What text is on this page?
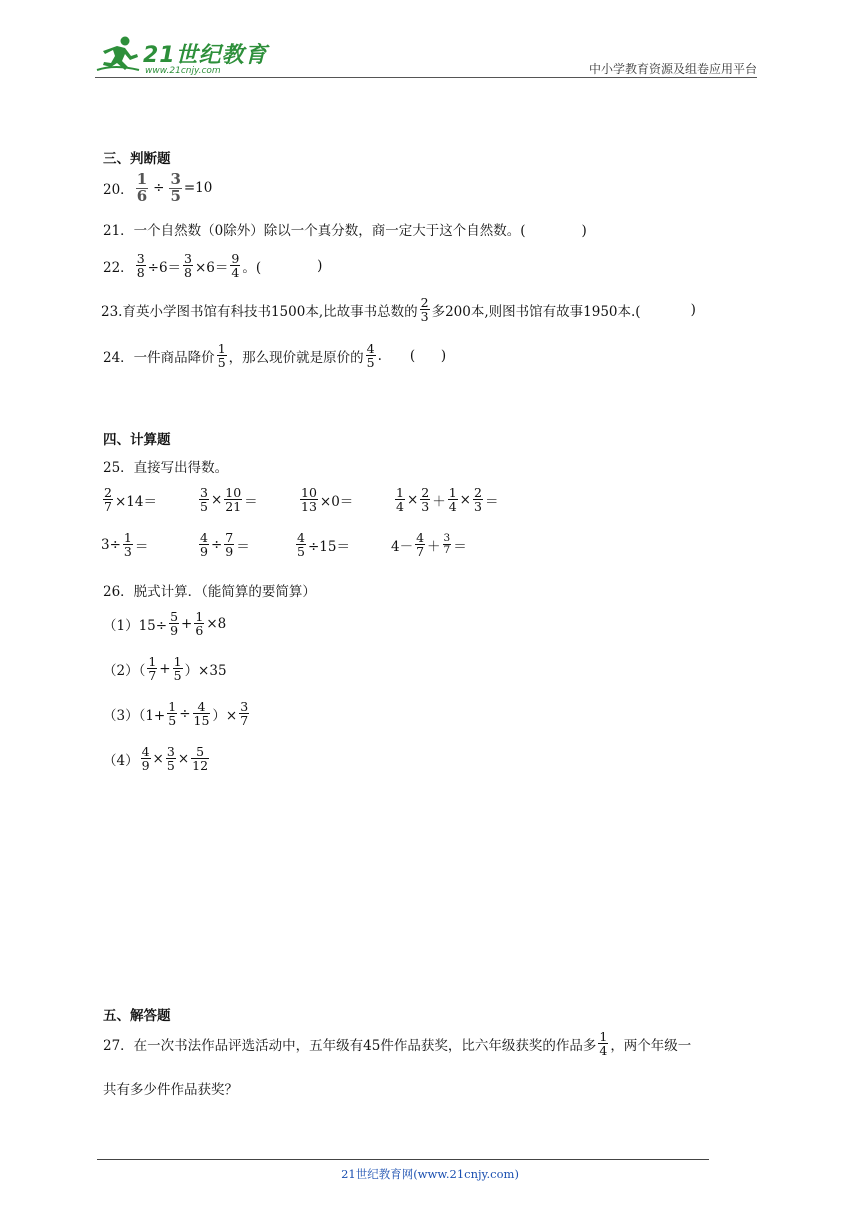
21世纪教育
www.21cnjy.com	中小学教育资源及组卷应用平台
三、判断题
20． $\frac{1}{6} \div \frac{3}{5} =10$
21．一个自然数（0除外）除以一个真分数，商一定大于这个自然数。(	)
22． $\frac{3}{8} \div 6= \frac{3}{8} \times 6= \frac{9}{4}$ 。(	)
23.育英小学图书馆有科技书1500本,比故事书总数的 $\frac{2}{3}$ 多200本,则图书馆有故事1950本.(	)
24．一件商品降价 $\frac{1}{5}$ ，那么现价就是原价的 $\frac{4}{5}$ . (      )
四、计算题
25．直接写出得数。
$\frac{2}{7} \times 14=$	$\frac{3}{5} \times \frac{10}{21}$ ＝	$\frac{10}{13} \times 0=$	$\frac{1}{4} \times \frac{2}{3} + \frac{1}{4} \times \frac{2}{3}$ ＝
$3\div \frac{1}{3}$ ＝	$\frac{4}{9} \div \frac{7}{9}$ ＝	$\frac{4}{5} \div 15=$	$4- \frac{4}{7} + \frac{3}{7}$ ＝
26．脱式计算．（能简算的要简算）
$(1)15\div \frac{5}{9} + \frac{1}{6} \times 8$
$(2)( \frac{1}{7} + \frac{1}{5} )\times 35$
$(3)(1+ \frac{1}{5} \div \frac{4}{15}$ ）× $\frac{3}{7}$
$(4) \frac{4}{9} \times \frac{3}{5} \times \frac{5}{12}$
五、解答题
27．在一次书法作品评选活动中，五年级有45件作品获奖，比六年级获奖的作品多 $\frac{1}{4}$ ，两个年级一
共有多少件作品获奖？
21世纪教育网(www.21cnjy.com)
